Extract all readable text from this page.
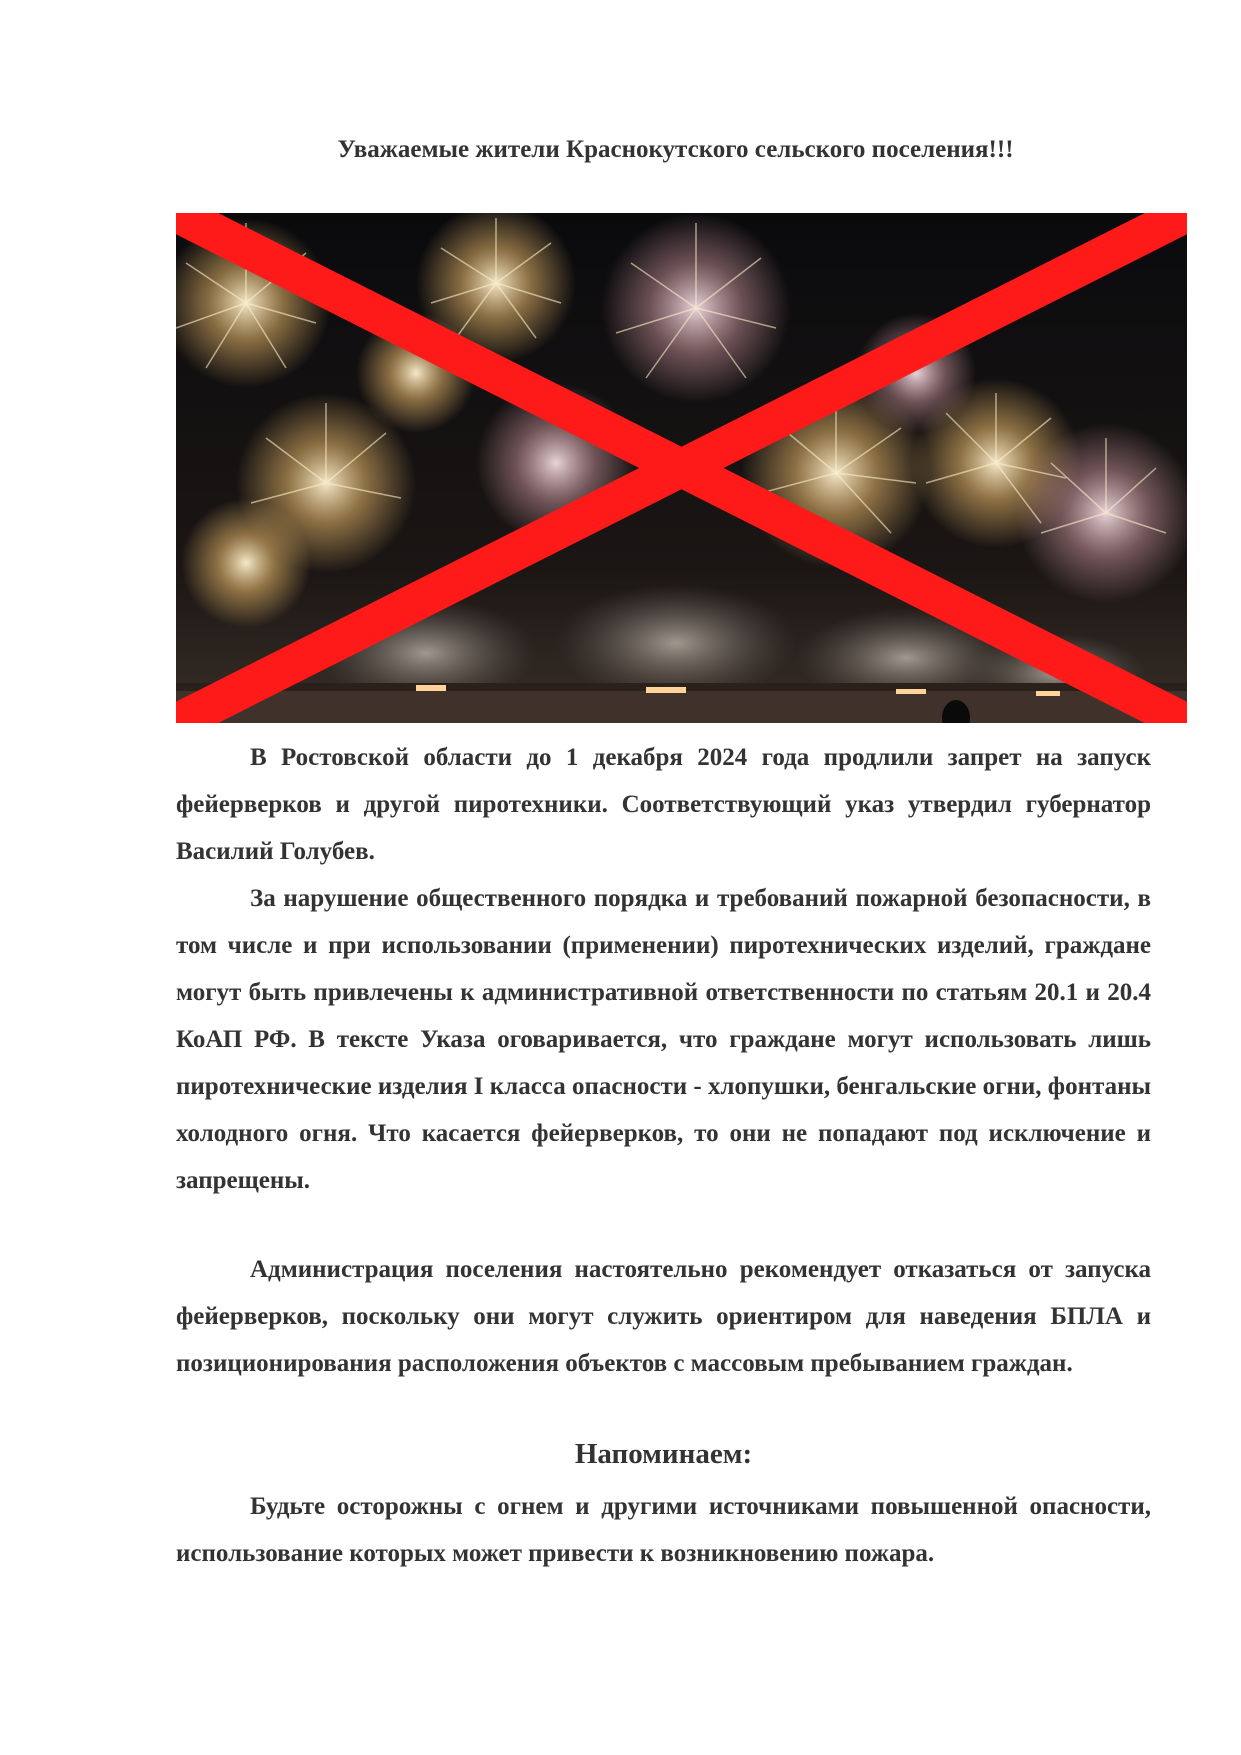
Уважаемые жители Краснокутского сельского поселения!!!

В Ростовской области до 1 декабря 2024 года продлили запрет на запуск фейерверков и другой пиротехники. Соответствующий указ утвердил губернатор Василий Голубев.

За нарушение общественного порядка и требований пожарной безопасности, в том числе и при использовании (применении) пиротехнических изделий, граждане могут быть привлечены к административной ответственности по статьям 20.1 и 20.4 КоАП РФ. В тексте Указа оговаривается, что граждане могут использовать лишь пиротехнические изделия I класса опасности - хлопушки, бенгальские огни, фонтаны холодного огня. Что касается фейерверков, то они не попадают под исключение и запрещены.

Администрация поселения настоятельно рекомендует отказаться от запуска фейерверков, поскольку они могут служить ориентиром для наведения БПЛА и позиционирования расположения объектов с массовым пребыванием граждан.

Напоминаем:

Будьте осторожны с огнем и другими источниками повышенной опасности, использование которых может привести к возникновению пожара.
